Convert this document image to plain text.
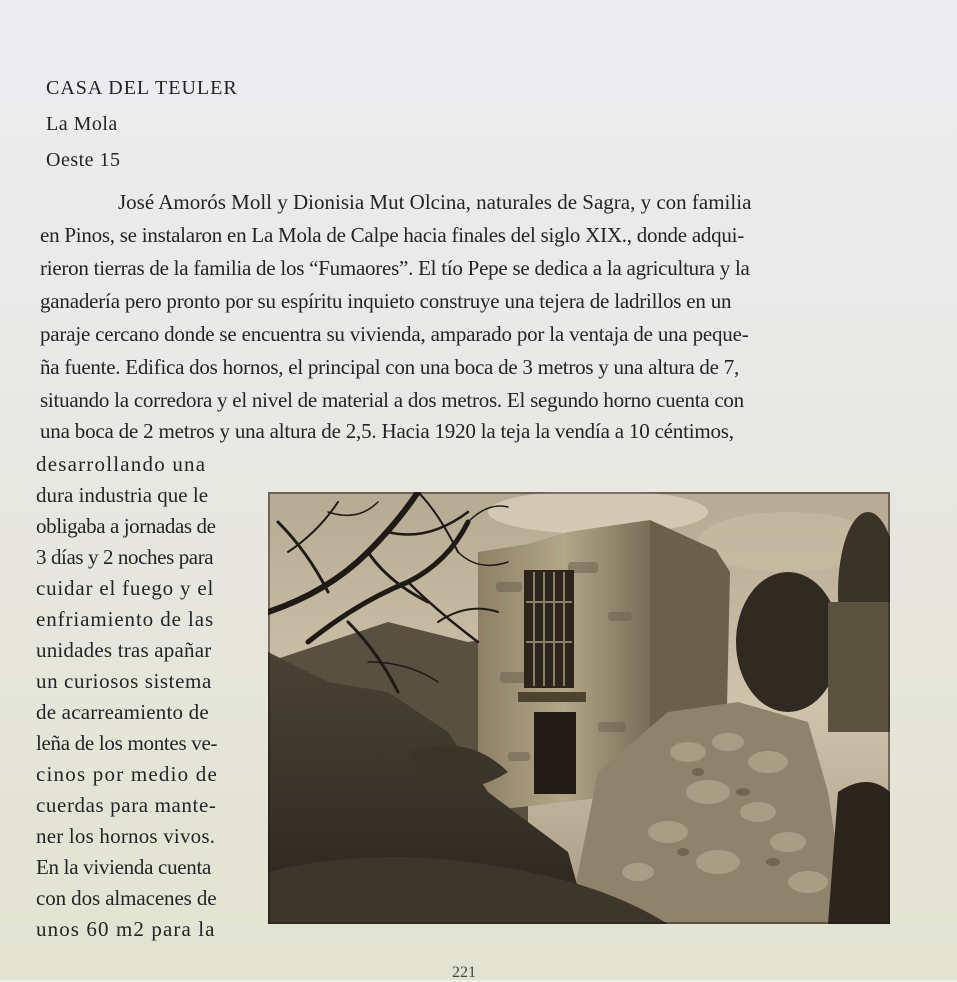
CASA DEL TEULER
La Mola
Oeste 15
José Amorós Moll y Dionisia Mut Olcina, naturales de Sagra, y con familia
en Pinos, se instalaron en La Mola de Calpe hacia finales del siglo XIX., donde adqui-
rieron tierras de la familia de los “Fumaores”. El tío Pepe se dedica a la agricultura y la
ganadería pero pronto por su espíritu inquieto construye una tejera de ladrillos en un
paraje cercano donde se encuentra su vivienda, amparado por la ventaja de una peque-
ña fuente. Edifica dos hornos, el principal con una boca de 3 metros y una altura de 7,
situando la corredora y el nivel de material a dos metros. El segundo horno cuenta con
una boca de 2 metros y una altura de 2,5. Hacia 1920 la teja la vendía a 10 céntimos,
desarrollando una
dura industria que le
obligaba a jornadas de
3 días y 2 noches para
cuidar el fuego y el
enfriamiento de las
unidades tras apañar
un curiosos sistema
de acarreamiento de
leña de los montes ve-
cinos por medio de
cuerdas para mante-
ner los hornos vivos.
En la vivienda cuenta
con dos almacenes de
unos 60 m2 para la
221
